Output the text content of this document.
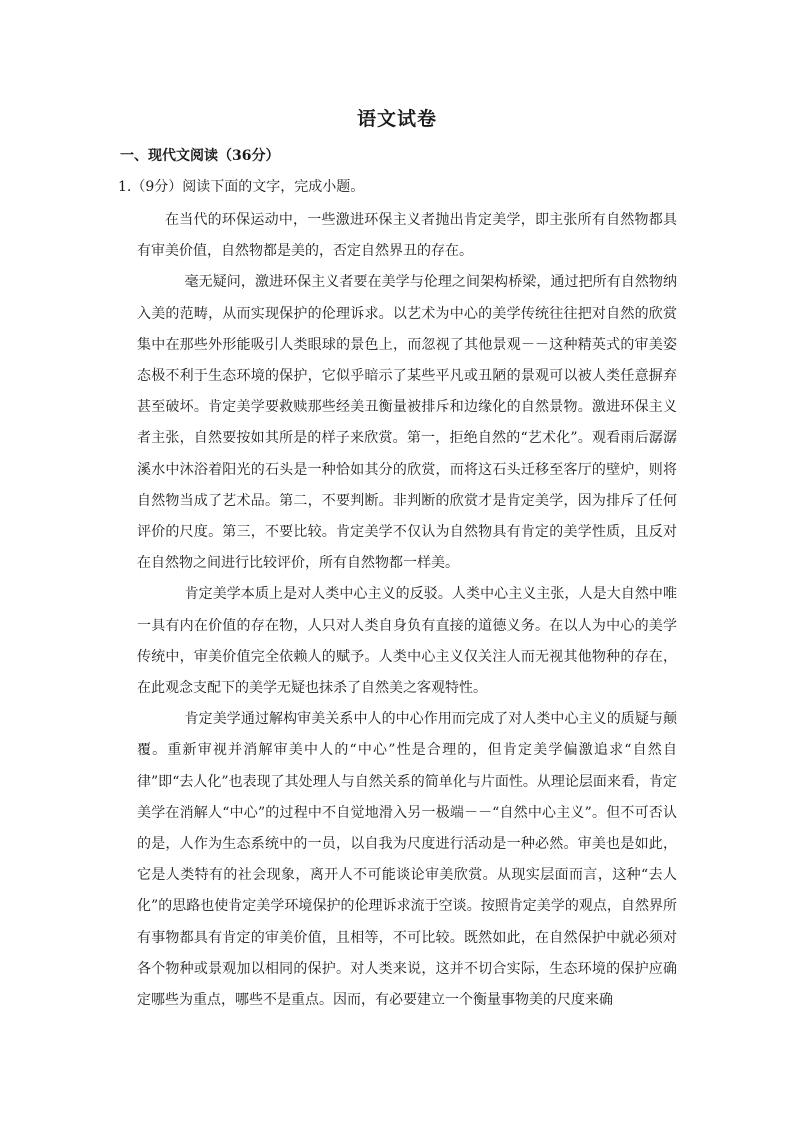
语文试卷
一、现代文阅读（36分）
1.（9分）阅读下面的文字，完成小题。

在当代的环保运动中，一些激进环保主义者抛出肯定美学，即主张所有自然物都具有审美价值，自然物都是美的，否定自然界丑的存在。

毫无疑问，激进环保主义者要在美学与伦理之间架构桥梁，通过把所有自然物纳入美的范畴，从而实现保护的伦理诉求。以艺术为中心的美学传统往往把对自然的欣赏集中在那些外形能吸引人类眼球的景色上，而忽视了其他景观－－这种精英式的审美姿态极不利于生态环境的保护，它似乎暗示了某些平凡或丑陋的景观可以被人类任意摒弃甚至破坏。肯定美学要救赎那些经美丑衡量被排斥和边缘化的自然景物。激进环保主义者主张，自然要按如其所是的样子来欣赏。第一，拒绝自然的“艺术化”。观看雨后潺潺溪水中沐浴着阳光的石头是一种恰如其分的欣赏，而将这石头迁移至客厅的壁炉，则将自然物当成了艺术品。第二，不要判断。非判断的欣赏才是肯定美学，因为排斥了任何评价的尺度。第三，不要比较。肯定美学不仅认为自然物具有肯定的美学性质，且反对在自然物之间进行比较评价，所有自然物都一样美。

肯定美学本质上是对人类中心主义的反驳。人类中心主义主张，人是大自然中唯一具有内在价值的存在物，人只对人类自身负有直接的道德义务。在以人为中心的美学传统中，审美价值完全依赖人的赋予。人类中心主义仅关注人而无视其他物种的存在，在此观念支配下的美学无疑也抹杀了自然美之客观特性。

肯定美学通过解构审美关系中人的中心作用而完成了对人类中心主义的质疑与颠覆。重新审视并消解审美中人的“中心”性是合理的，但肯定美学偏激追求“自然自律”即“去人化”也表现了其处理人与自然关系的简单化与片面性。从理论层面来看，肯定美学在消解人“中心”的过程中不自觉地滑入另一极端－－“自然中心主义”。但不可否认的是，人作为生态系统中的一员，以自我为尺度进行活动是一种必然。审美也是如此，它是人类特有的社会现象，离开人不可能谈论审美欣赏。从现实层面而言，这种“去人化”的思路也使肯定美学环境保护的伦理诉求流于空谈。按照肯定美学的观点，自然界所有事物都具有肯定的审美价值，且相等，不可比较。既然如此，在自然保护中就必须对各个物种或景观加以相同的保护。对人类来说，这并不切合实际，生态环境的保护应确定哪些为重点，哪些不是重点。因而，有必要建立一个衡量事物美的尺度来确
